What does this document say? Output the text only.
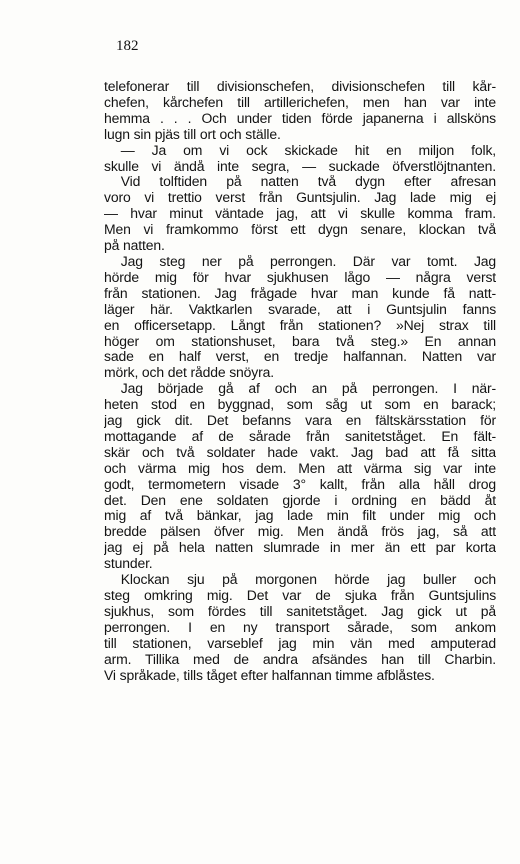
182
telefonerar till divisionschefen, divisionschefen till kår-
chefen, kårchefen till artillerichefen, men han var inte
hemma . . . Och under tiden förde japanerna i allsköns
lugn sin pjäs till ort och ställe.
— Ja om vi ock skickade hit en miljon folk,
skulle vi ändå inte segra, — suckade öfverstlöjtnanten.
Vid tolftiden på natten två dygn efter afresan
voro vi trettio verst från Guntsjulin. Jag lade mig ej
— hvar minut väntade jag, att vi skulle komma fram.
Men vi framkommo först ett dygn senare, klockan två
på natten.
Jag steg ner på perrongen. Där var tomt. Jag
hörde mig för hvar sjukhusen lågo — några verst
från stationen. Jag frågade hvar man kunde få natt-
läger här. Vaktkarlen svarade, att i Guntsjulin fanns
en officersetapp. Långt från stationen? »Nej strax till
höger om stationshuset, bara två steg.» En annan
sade en half verst, en tredje halfannan. Natten var
mörk, och det rådde snöyra.
Jag började gå af och an på perrongen. I när-
heten stod en byggnad, som såg ut som en barack;
jag gick dit. Det befanns vara en fältskärsstation för
mottagande af de sårade från sanitetståget. En fält-
skär och två soldater hade vakt. Jag bad att få sitta
och värma mig hos dem. Men att värma sig var inte
godt, termometern visade 3° kallt, från alla håll drog
det. Den ene soldaten gjorde i ordning en bädd åt
mig af två bänkar, jag lade min filt under mig och
bredde pälsen öfver mig. Men ändå frös jag, så att
jag ej på hela natten slumrade in mer än ett par korta
stunder.
Klockan sju på morgonen hörde jag buller och
steg omkring mig. Det var de sjuka från Guntsjulins
sjukhus, som fördes till sanitetståget. Jag gick ut på
perrongen. I en ny transport sårade, som ankom
till stationen, varseblef jag min vän med amputerad
arm. Tillika med de andra afsändes han till Charbin.
Vi språkade, tills tåget efter halfannan timme afblåstes.
